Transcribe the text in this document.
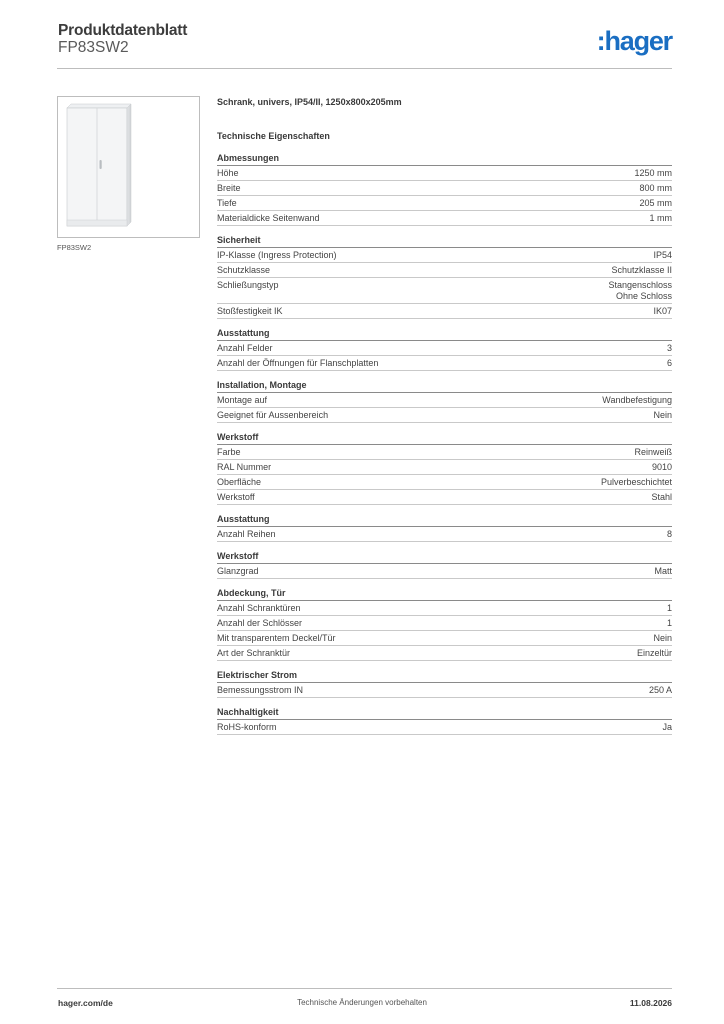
Produktdatenblatt
FP83SW2	:hager
FP83SW2
Schrank, univers, IP54/II, 1250x800x205mm
Technische Eigenschaften
Abmessungen
Höhe	1250 mm
Breite	800 mm
Tiefe	205 mm
Materialdicke Seitenwand	1 mm
Sicherheit
IP-Klasse (Ingress Protection)	IP54
Schutzklasse	Schutzklasse II
Schließungstyp	Stangenschloss
Ohne Schloss
Stoßfestigkeit IK	IK07
Ausstattung
Anzahl Felder	3
Anzahl der Öffnungen für Flanschplatten	6
Installation, Montage
Montage auf	Wandbefestigung
Geeignet für Aussenbereich	Nein
Werkstoff
Farbe	Reinweiß
RAL Nummer	9010
Oberfläche	Pulverbeschichtet
Werkstoff	Stahl
Ausstattung
Anzahl Reihen	8
Werkstoff
Glanzgrad	Matt
Abdeckung, Tür
Anzahl Schranktüren	1
Anzahl der Schlösser	1
Mit transparentem Deckel/Tür	Nein
Art der Schranktür	Einzeltür
Elektrischer Strom
Bemessungsstrom IN	250 A
Nachhaltigkeit
RoHS-konform	Ja
hager.com/de	Technische Änderungen vorbehalten	11.08.2026
